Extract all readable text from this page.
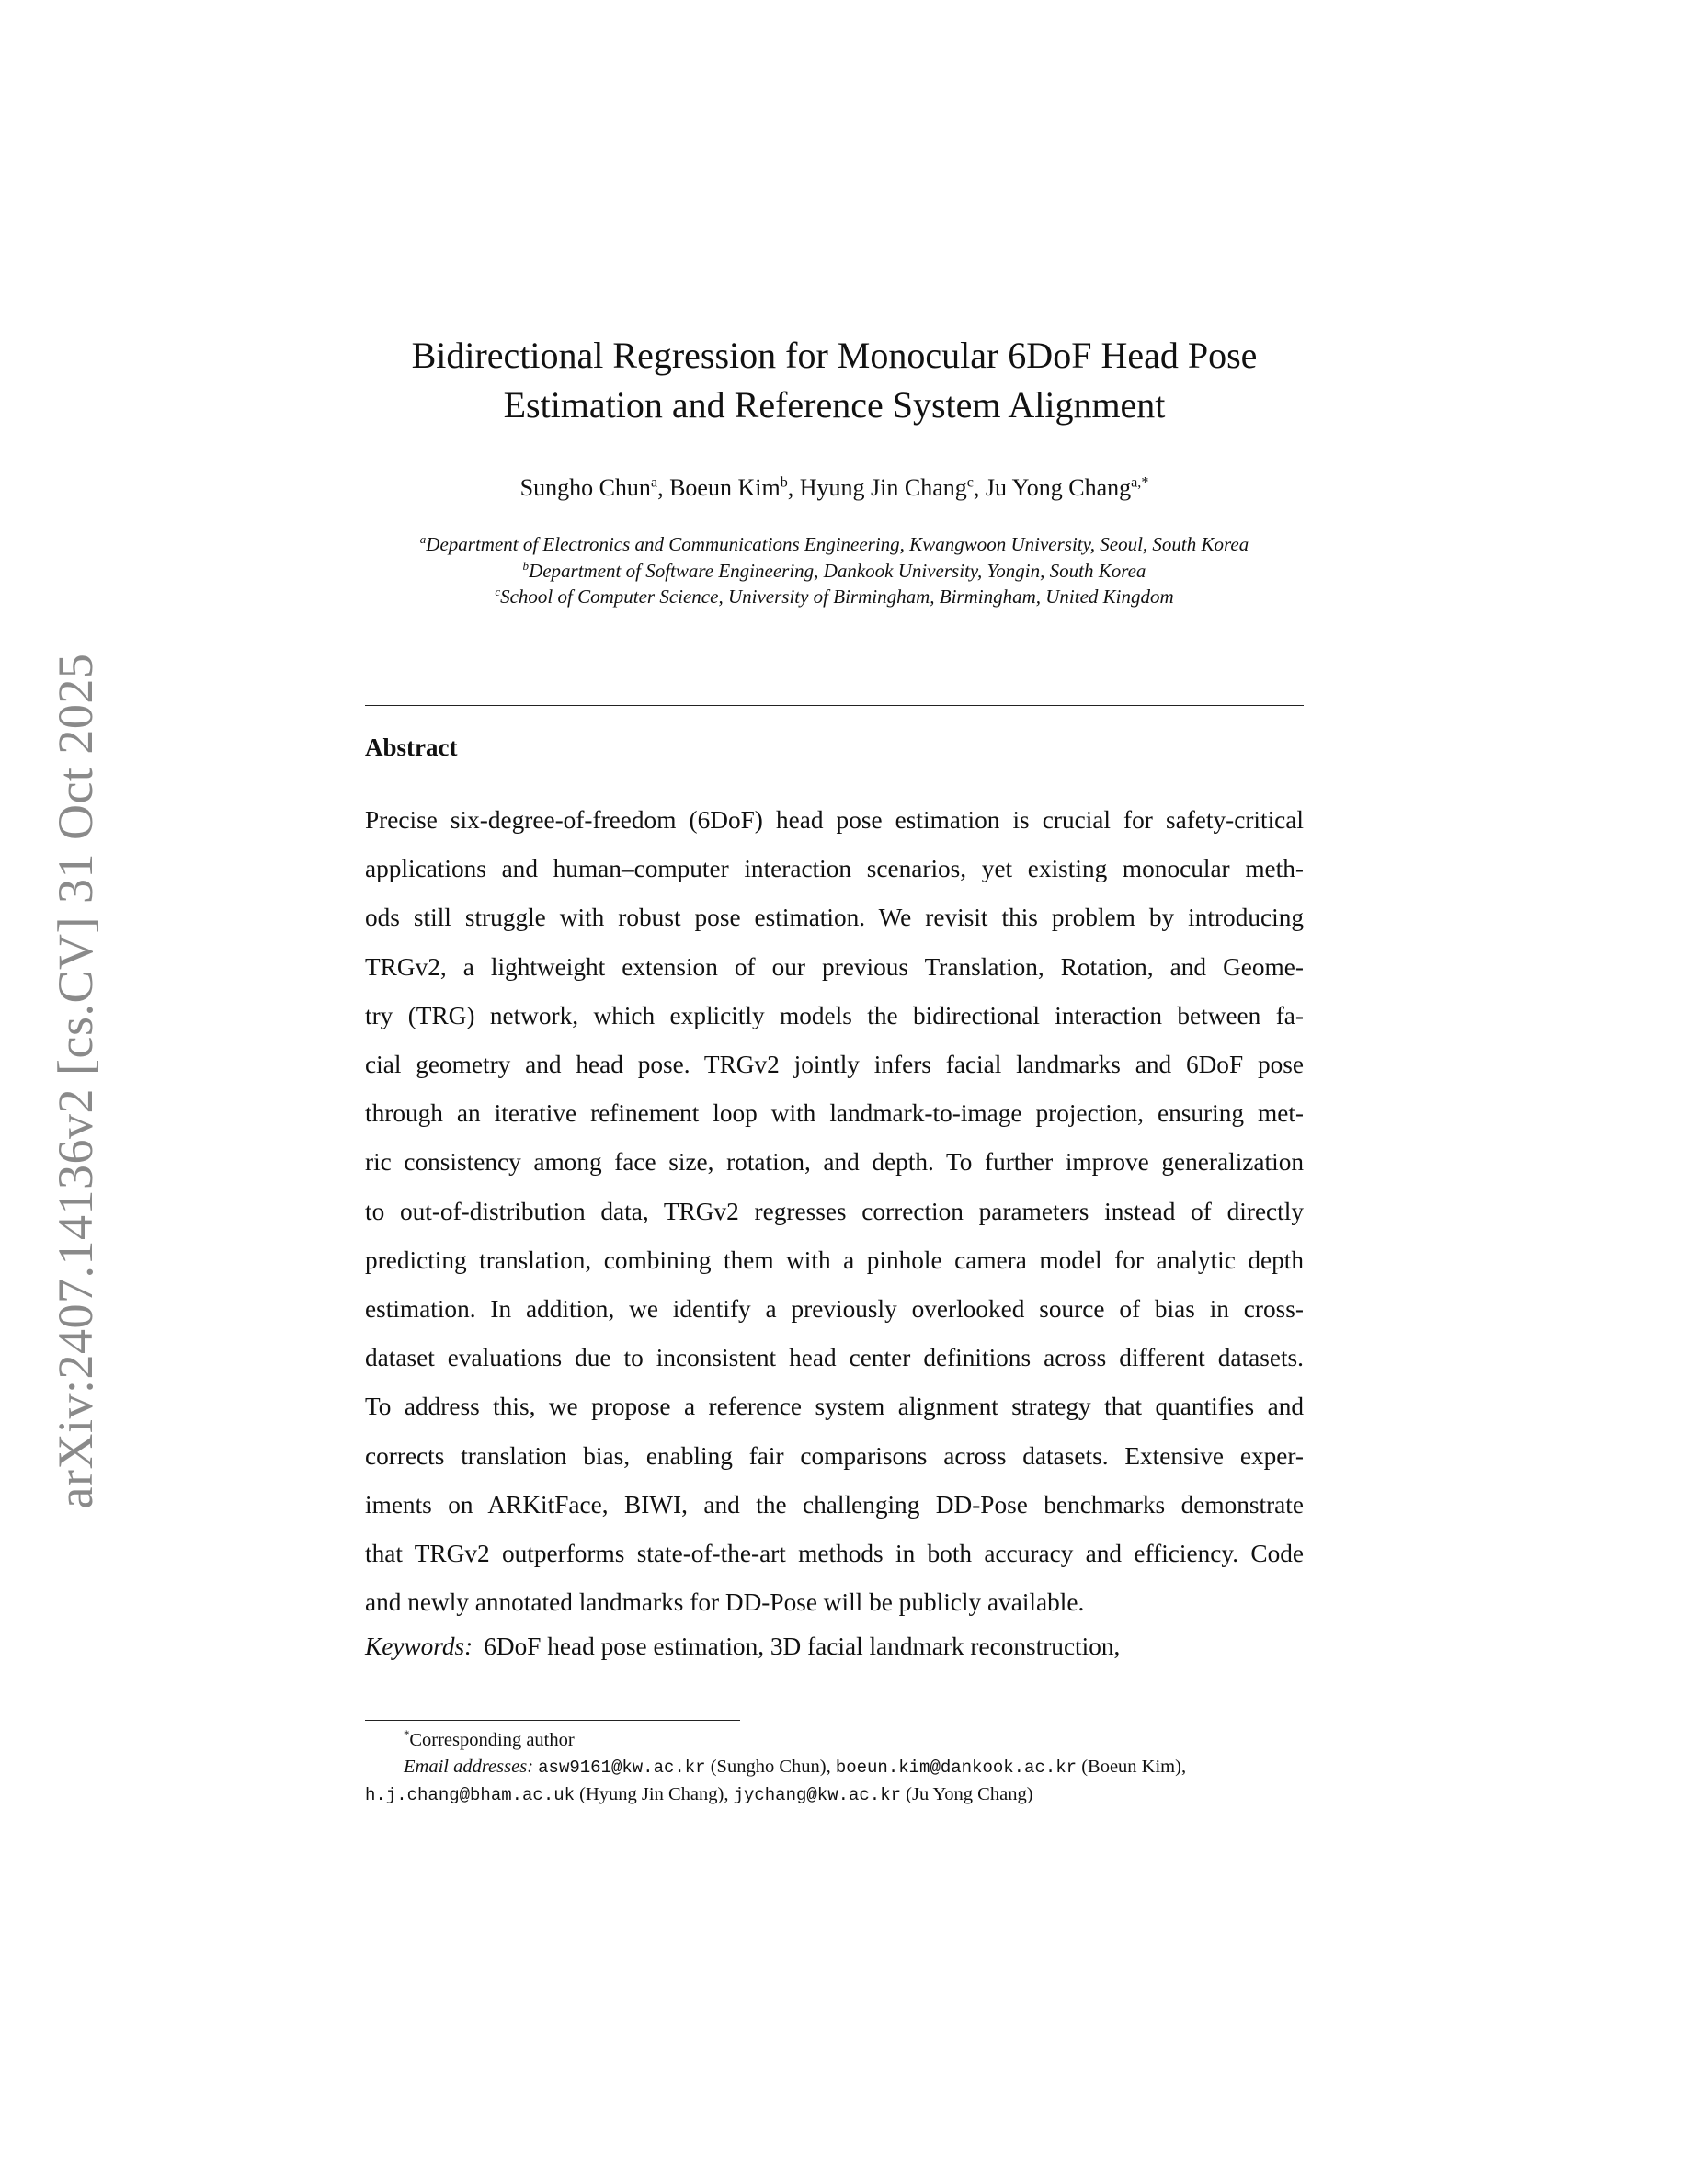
arXiv:2407.14136v2 [cs.CV] 31 Oct 2025
Bidirectional Regression for Monocular 6DoF Head Pose
Estimation and Reference System Alignment
Sungho Chun$^a$, Boeun Kim$^b$, Hyung Jin Chang$^c$, Ju Yong Chang$^{a,*}$
$^a$Department of Electronics and Communications Engineering, Kwangwoon University, Seoul, South Korea
$^b$Department of Software Engineering, Dankook University, Yongin, South Korea
$^c$School of Computer Science, University of Birmingham, Birmingham, United Kingdom
Abstract
Precise six-degree-of-freedom (6DoF) head pose estimation is crucial for safety-critical
applications and human–computer interaction scenarios, yet existing monocular meth-
ods still struggle with robust pose estimation. We revisit this problem by introducing
TRGv2, a lightweight extension of our previous Translation, Rotation, and Geome-
try (TRG) network, which explicitly models the bidirectional interaction between fa-
cial geometry and head pose. TRGv2 jointly infers facial landmarks and 6DoF pose
through an iterative refinement loop with landmark-to-image projection, ensuring met-
ric consistency among face size, rotation, and depth. To further improve generalization
to out-of-distribution data, TRGv2 regresses correction parameters instead of directly
predicting translation, combining them with a pinhole camera model for analytic depth
estimation. In addition, we identify a previously overlooked source of bias in cross-
dataset evaluations due to inconsistent head center definitions across different datasets.
To address this, we propose a reference system alignment strategy that quantifies and
corrects translation bias, enabling fair comparisons across datasets. Extensive exper-
iments on ARKitFace, BIWI, and the challenging DD-Pose benchmarks demonstrate
that TRGv2 outperforms state-of-the-art methods in both accuracy and efficiency. Code
and newly annotated landmarks for DD-Pose will be publicly available.
Keywords: 6DoF head pose estimation, 3D facial landmark reconstruction,
*Corresponding author
Email addresses: asw9161@kw.ac.kr (Sungho Chun), boeun.kim@dankook.ac.kr (Boeun Kim),
h.j.chang@bham.ac.uk (Hyung Jin Chang), jychang@kw.ac.kr (Ju Yong Chang)
